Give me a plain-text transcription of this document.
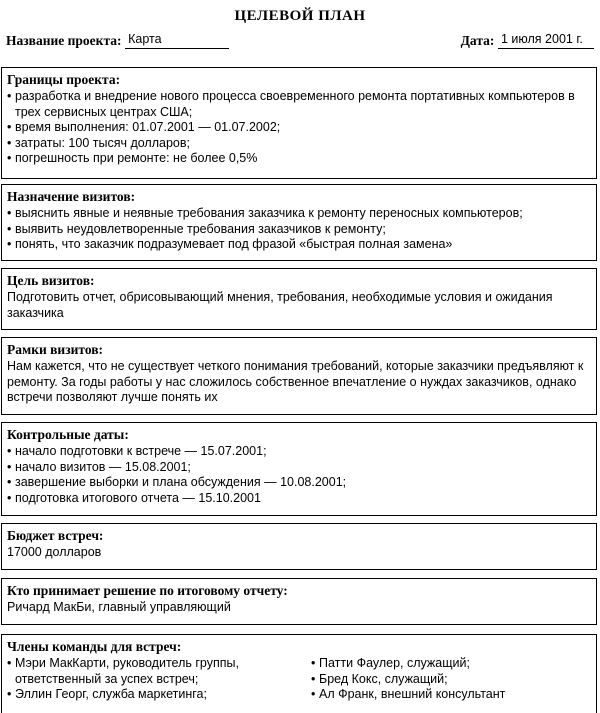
ЦЕЛЕВОЙ ПЛАН
Название проекта: Карта	Дата: 1 июля 2001 г.
Границы проекта:
• разработка и внедрение нового процесса своевременного ремонта портативных компьютеров в трех сервисных центрах США;
• время выполнения: 01.07.2001 — 01.07.2002;
• затраты: 100 тысяч долларов;
• погрешность при ремонте: не более 0,5%
Назначение визитов:
• выяснить явные и неявные требования заказчика к ремонту переносных компьютеров;
• выявить неудовлетворенные требования заказчиков к ремонту;
• понять, что заказчик подразумевает под фразой «быстрая полная замена»
Цель визитов:

Подготовить отчет, обрисовывающий мнения, требования, необходимые условия и ожидания заказчика

Рамки визитов:

Нам кажется, что не существует четкого понимания требований, которые заказчики предъявляют к ремонту. За годы работы у нас сложилось собственное впечатление о нуждах заказчиков, однако встречи позволяют лучше понять их

Контрольные даты:
• начало подготовки к встрече — 15.07.2001;
• начало визитов — 15.08.2001;
• завершение выборки и плана обсуждения — 10.08.2001;
• подготовка итогового отчета — 15.10.2001
Бюджет встреч:

17000 долларов

Кто принимает решение по итоговому отчету:

Ричард МакБи, главный управляющий

Члены команды для встреч:
• Мэри МакКарти, руководитель группы, ответственный за успех встреч;
• Эллин Георг, служба маркетинга;
• Патти Фаулер, служащий;
• Бред Кокс, служащий;
• Ал Франк, внешний консультант
